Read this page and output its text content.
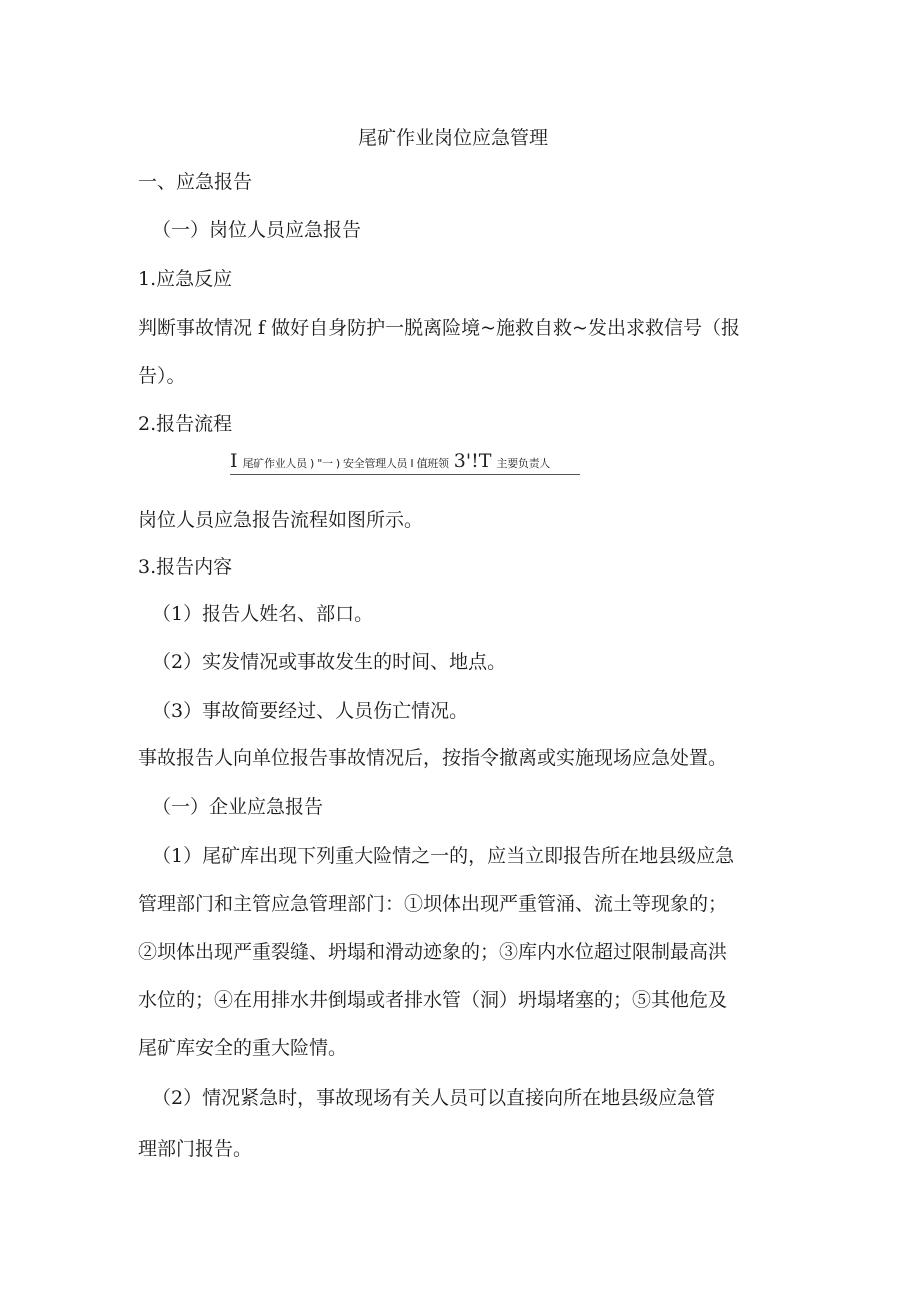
尾矿作业岗位应急管理

一、应急报告

（一）岗位人员应急报告

1.应急反应

判断事故情况 f 做好自身防护一脱离险境~施救自救~发出求救信号（报

告）。

2.报告流程

I 尾矿作业人员 ) "一 ) 安全管理人员 I 值班领 3'!T 主要负责人

岗位人员应急报告流程如图所示。

3.报告内容

（1）报告人姓名、部口。

（2）实发情况或事故发生的时间、地点。

（3）事故简要经过、人员伤亡情况。

事故报告人向单位报告事故情况后，按指令撤离或实施现场应急处置。

（一）企业应急报告

（1）尾矿库出现下列重大险情之一的，应当立即报告所在地县级应急

管理部门和主管应急管理部门：①坝体出现严重管涌、流土等现象的；

②坝体出现严重裂缝、坍塌和滑动迹象的；③库内水位超过限制最高洪

水位的；④在用排水井倒塌或者排水管（洞）坍塌堵塞的；⑤其他危及

尾矿库安全的重大险情。

（2）情况紧急时，事故现场有关人员可以直接向所在地县级应急管

理部门报告。
